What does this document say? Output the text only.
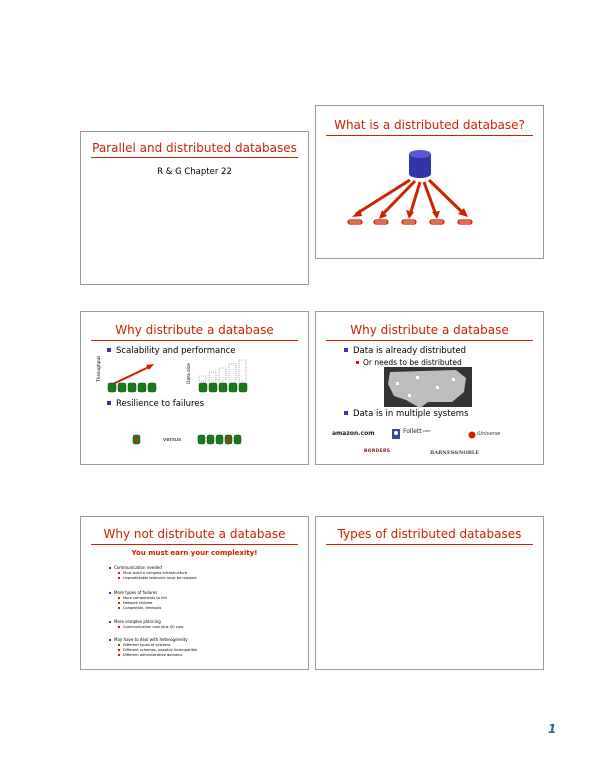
Parallel and distributed databases
R & G Chapter 22
What is a distributed database?
Why distribute a database
Scalability and performance
Throughput	Data size
Resilience to failures
versus
Why distribute a database
Data is already distributed
Or needs to be distributed
Data is in multiple systems
amazon.com	Follett .com	iUniverse
BORDERS	BARNES&NOBLE
Why not distribute a database
You must earn your complexity!
Communication needed
Must build a complex infrastructure
Unpredictable latencies must be masked
More types of failures
More components to fail
Network failures
Congestion, timeouts
More complex planning
Communication cost plus I/O cost
May have to deal with heterogeneity
Different types of systems
Different schemas, possibly incompatible
Different administrative domains
Types of distributed databases
1
